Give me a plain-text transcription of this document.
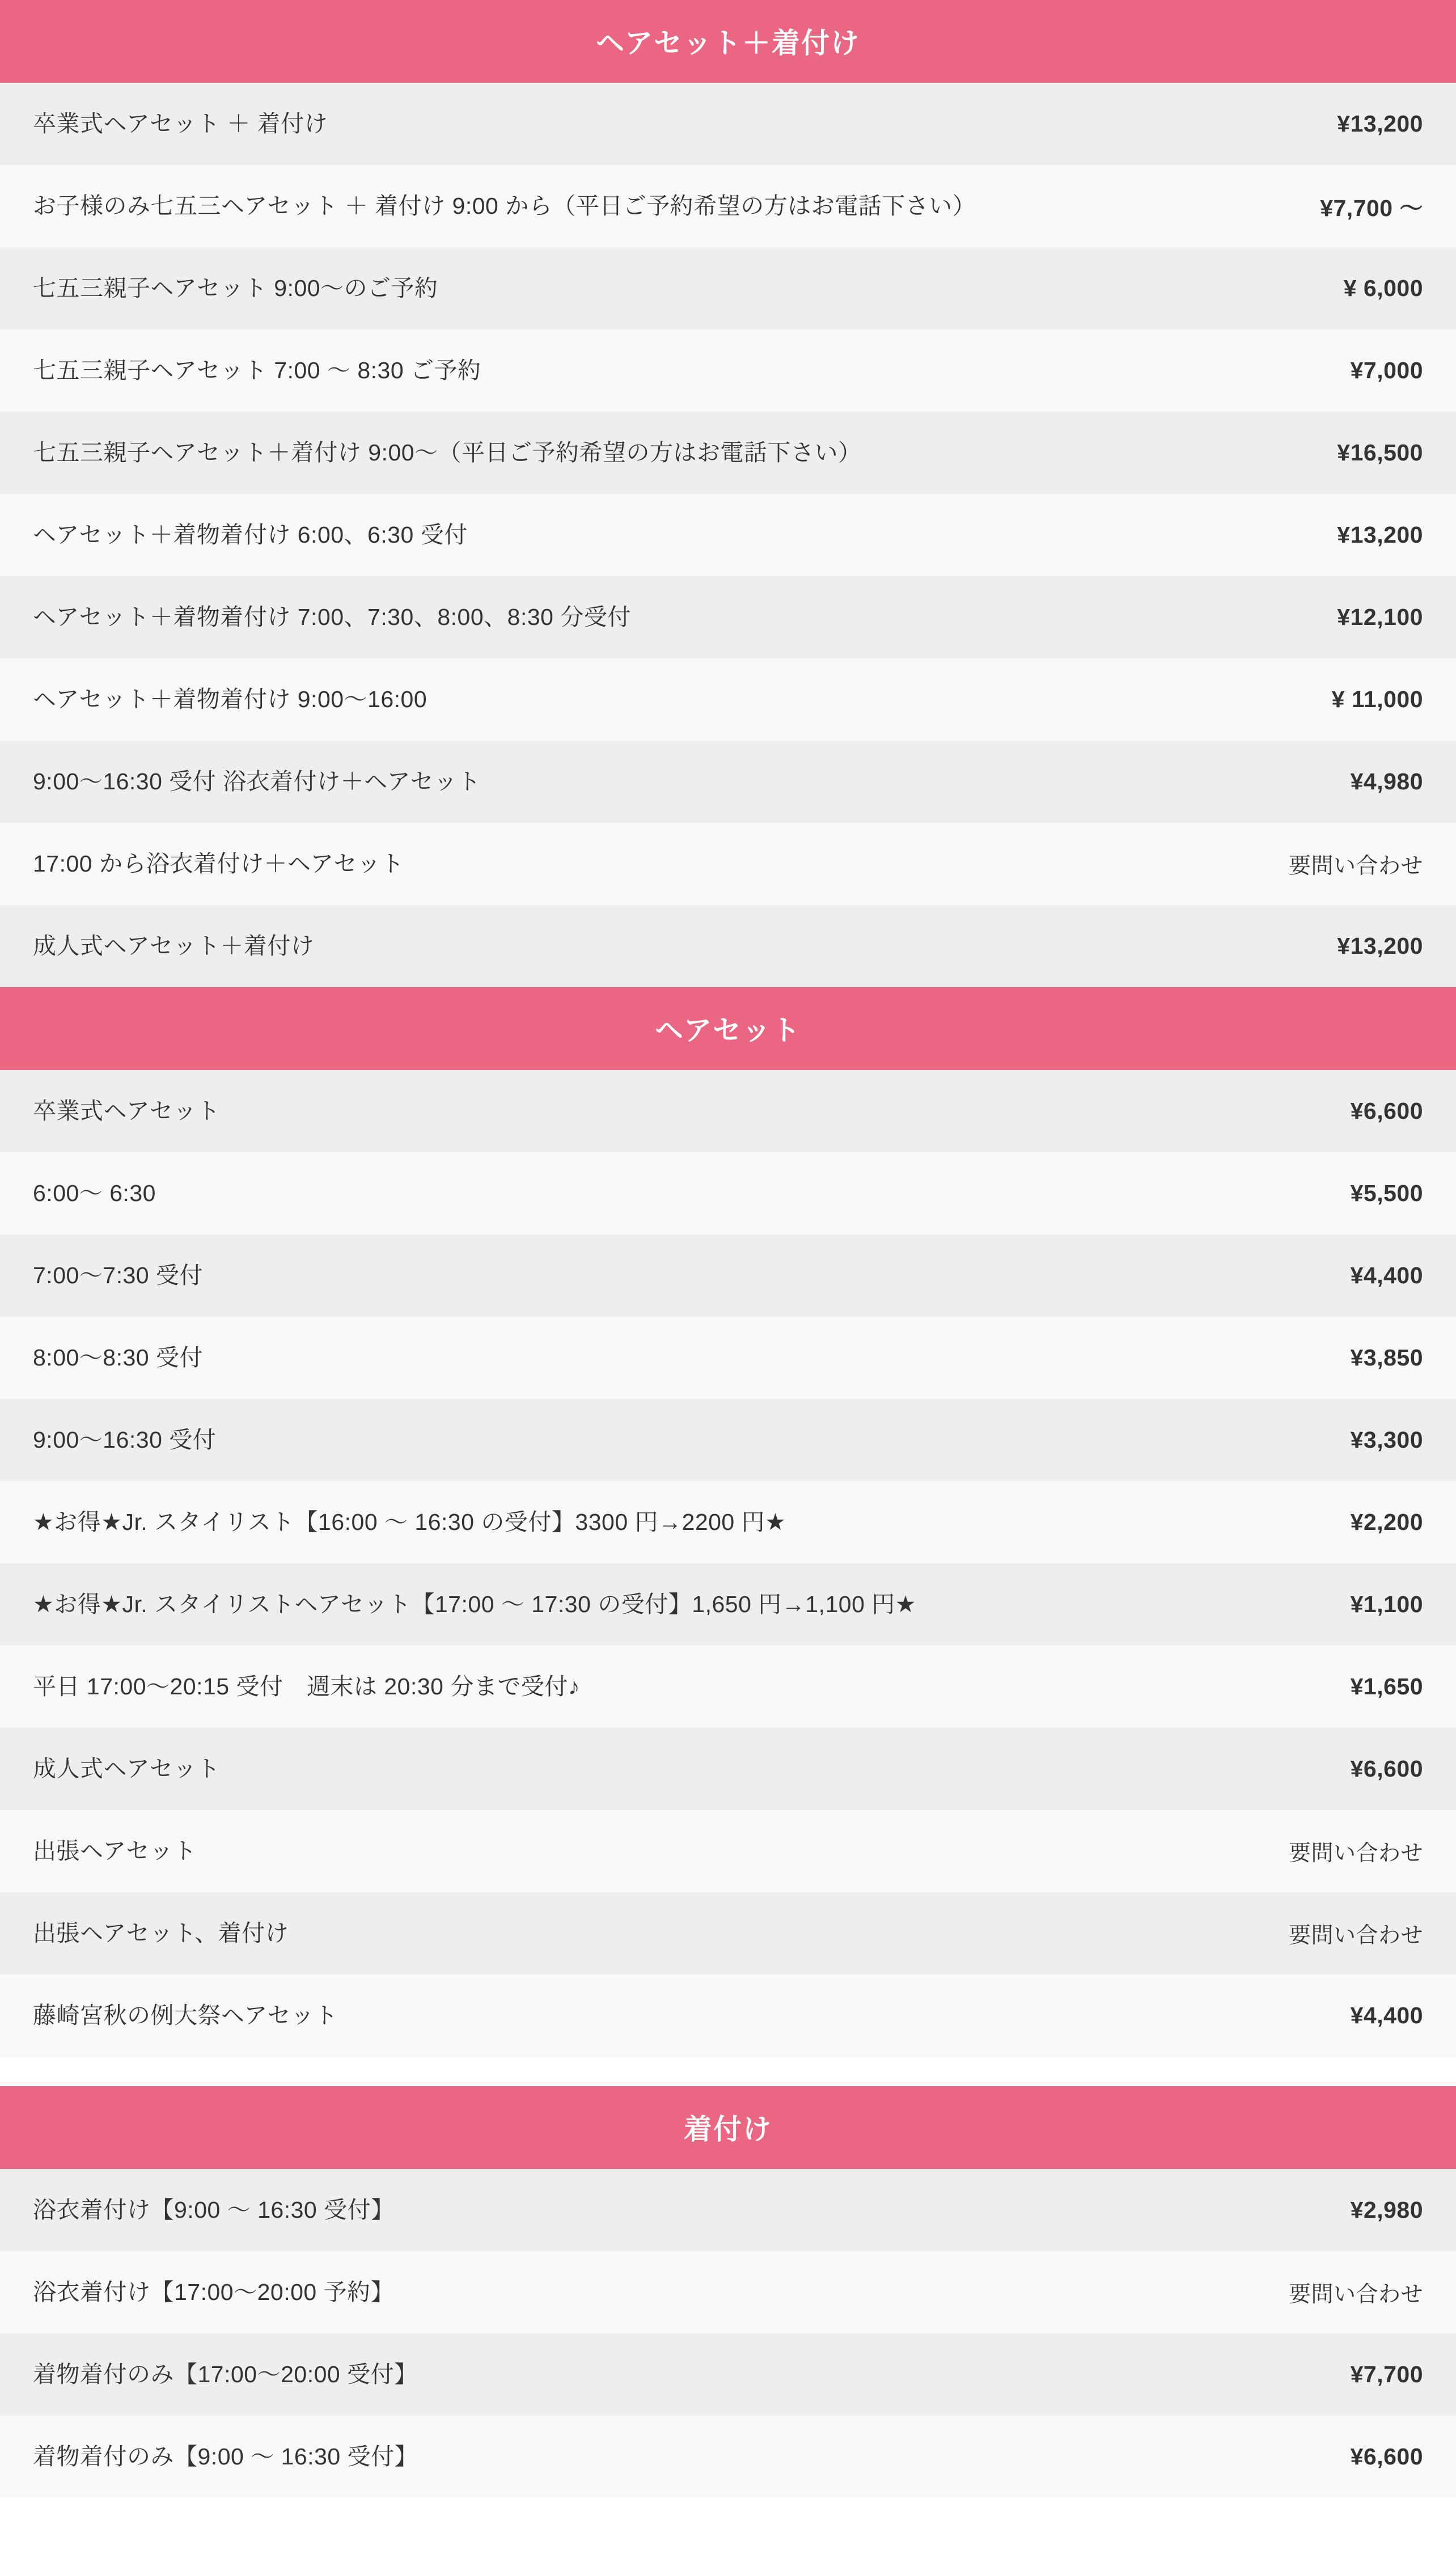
ヘアセット＋着付け
卒業式ヘアセット ＋ 着付け	¥13,200
お子様のみ七五三ヘアセット ＋ 着付け 9:00 から（平日ご予約希望の方はお電話下さい）	¥7,700 〜
七五三親子ヘアセット 9:00〜のご予約	¥ 6,000
七五三親子ヘアセット 7:00 〜 8:30 ご予約	¥7,000
七五三親子ヘアセット＋着付け 9:00〜（平日ご予約希望の方はお電話下さい）	¥16,500
ヘアセット＋着物着付け 6:00、6:30 受付	¥13,200
ヘアセット＋着物着付け 7:00、7:30、8:00、8:30 分受付	¥12,100
ヘアセット＋着物着付け 9:00〜16:00	¥ 11,000
9:00〜16:30 受付 浴衣着付け＋ヘアセット	¥4,980
17:00 から浴衣着付け＋ヘアセット	要問い合わせ
成人式ヘアセット＋着付け	¥13,200
ヘアセット
卒業式ヘアセット	¥6,600
6:00〜 6:30	¥5,500
7:00〜7:30 受付	¥4,400
8:00〜8:30 受付	¥3,850
9:00〜16:30 受付	¥3,300
★お得★Jr. スタイリスト【16:00 〜 16:30 の受付】3300 円→2200 円★	¥2,200
★お得★Jr. スタイリストヘアセット【17:00 〜 17:30 の受付】1,650 円→1,100 円★	¥1,100
平日 17:00〜20:15 受付　週末は 20:30 分まで受付♪	¥1,650
成人式ヘアセット	¥6,600
出張ヘアセット	要問い合わせ
出張ヘアセット、着付け	要問い合わせ
藤崎宮秋の例大祭ヘアセット	¥4,400
着付け
浴衣着付け【9:00 〜 16:30 受付】	¥2,980
浴衣着付け【17:00〜20:00 予約】	要問い合わせ
着物着付のみ【17:00〜20:00 受付】	¥7,700
着物着付のみ【9:00 〜 16:30 受付】	¥6,600
